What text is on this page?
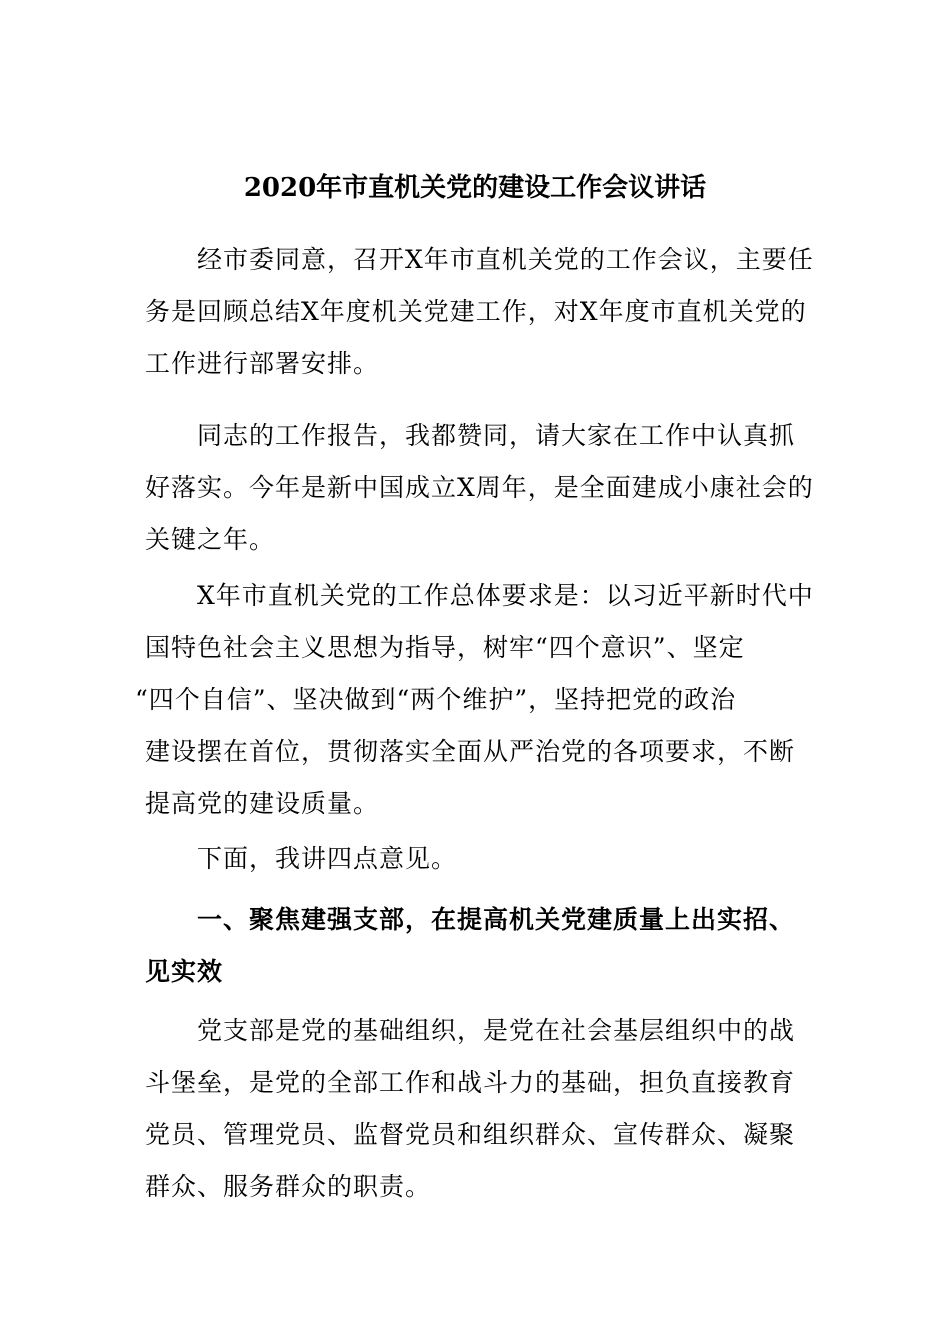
2020年市直机关党的建设工作会议讲话
经市委同意，召开X年市直机关党的工作会议，主要任
务是回顾总结X年度机关党建工作，对X年度市直机关党的
工作进行部署安排。
同志的工作报告，我都赞同，请大家在工作中认真抓
好落实。今年是新中国成立X周年，是全面建成小康社会的
关键之年。
X年市直机关党的工作总体要求是：以习近平新时代中
国特色社会主义思想为指导，树牢“四个意识”、坚定
“四个自信”、坚决做到“两个维护”，坚持把党的政治
建设摆在首位，贯彻落实全面从严治党的各项要求，不断
提高党的建设质量。
下面，我讲四点意见。
一、聚焦建强支部，在提高机关党建质量上出实招、
见实效
党支部是党的基础组织，是党在社会基层组织中的战
斗堡垒，是党的全部工作和战斗力的基础，担负直接教育
党员、管理党员、监督党员和组织群众、宣传群众、凝聚
群众、服务群众的职责。
